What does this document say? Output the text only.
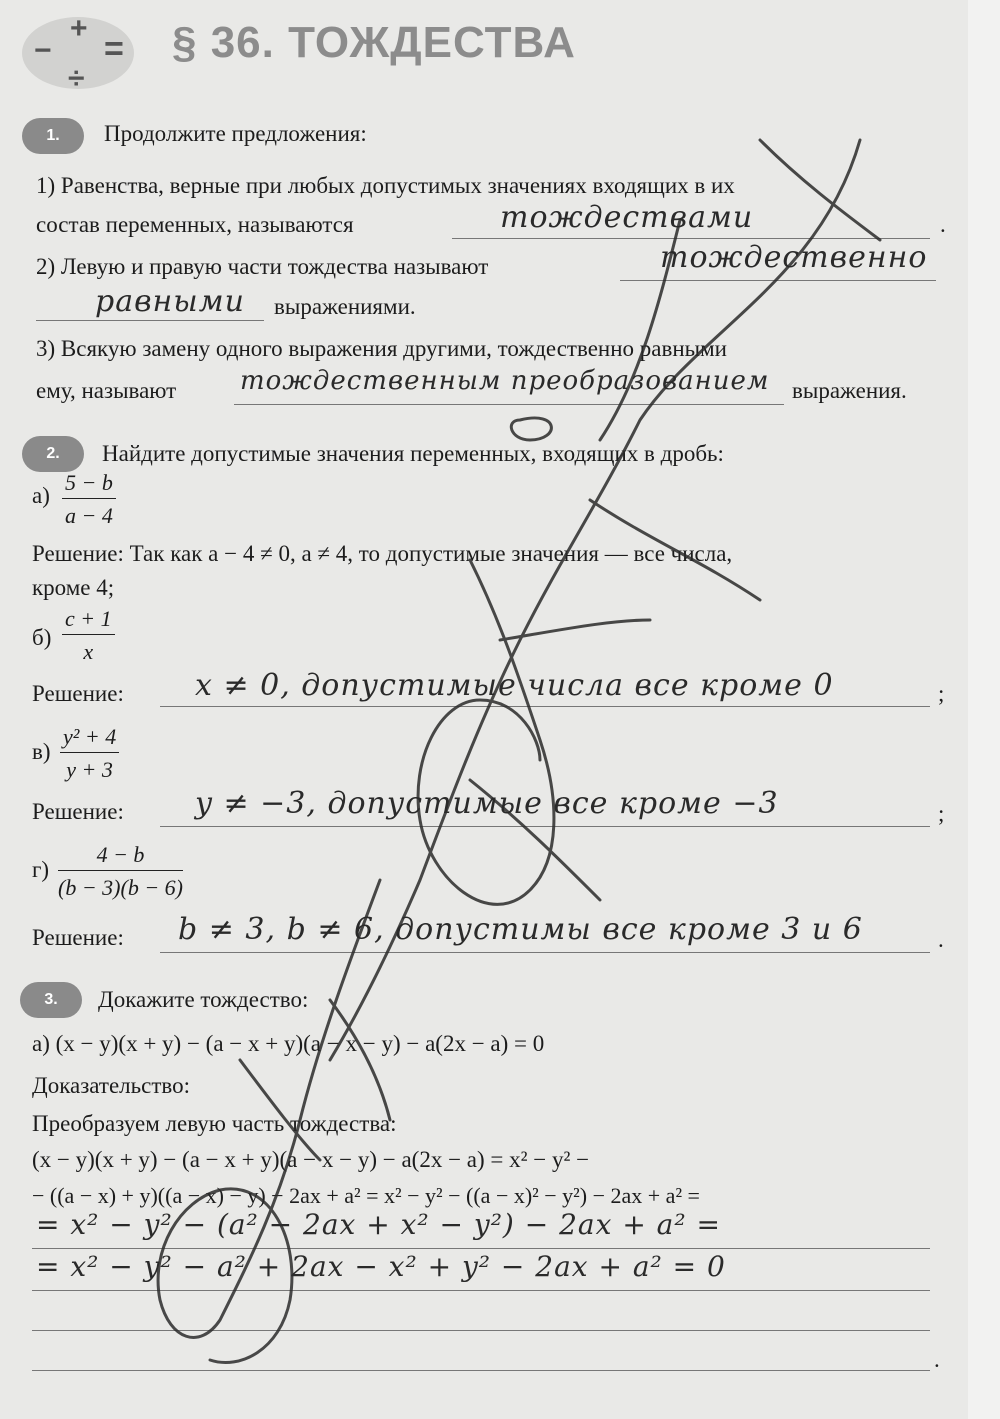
+
− =
÷
§ 36. ТОЖДЕСТВА
1.	Продолжите предложения:
1) Равенства, верные при любых допустимых значениях входящих в их
состав переменных, называются	тождествами	.
2) Левую и правую части тождества называют	тождественно
равными выражениями.
3) Всякую замену одного выражения другими, тождественно равными
ему, называют тождественным преобразованием выражения.
2.	Найдите допустимые значения переменных, входящих в дробь:
$а) \frac{5 - b}{a - 4}$
Решение: Так как a − 4 ≠ 0, a ≠ 4, то допустимые значения — все числа,
кроме 4;
$б) \frac{c + 1}{x}$
Решение: x ≠ 0, допустимые числа все кроме 0	;
$в) \frac{\text{y² + 4}}{y + 3}$
Решение: y ≠ −3, допустимые все кроме −3	;
$г) \frac{4 - b}{(b - 3)(b - 6)}$
Решение: b ≠ 3, b ≠ 6, допустимы все кроме 3 и 6	.
3.	Докажите тождество:
а) (x − y)(x + y) − (a − x + y)(a − x − y) − a(2x − a) = 0
Доказательство:
Преобразуем левую часть тождества:
(x − y)(x + y) − (a − x + y)(a − x − y) − a(2x − a) = x² − y² −
− ((a − x) + y)((a − x) − y) − 2ax + a² = x² − y² − ((a − x)² − y²) − 2ax + a² =
= x² − y² − (a² − 2ax + x² − y²) − 2ax + a² =
= x² − y² − a² + 2ax − x² + y² − 2ax + a² = 0
.
